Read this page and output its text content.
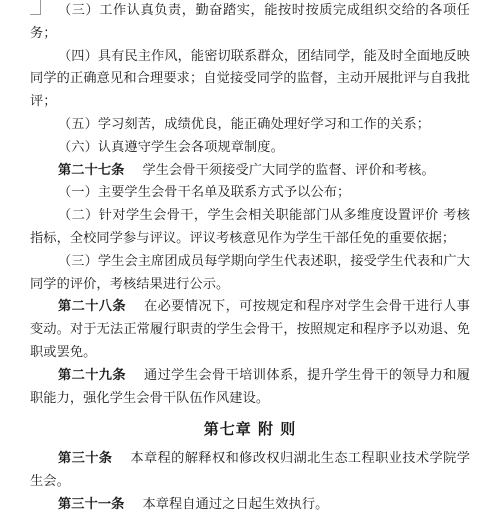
（三）工作认真负责，勤奋踏实，能按时按质完成组织交给的各项任务；

（四）具有民主作风，能密切联系群众，团结同学，能及时全面地反映同学的正确意见和合理要求；自觉接受同学的监督，主动开展批评与自我批评；

（五）学习刻苦，成绩优良，能正确处理好学习和工作的关系；

（六）认真遵守学生会各项规章制度。

第二十七条 学生会骨干须接受广大同学的监督、评价和考核。

（一）主要学生会骨干名单及联系方式予以公布；

（二）针对学生会骨干，学生会相关职能部门从多维度设置评价 考核指标，全校同学参与评议。评议考核意见作为学生干部任免的重要依据；

（三）学生会主席团成员每学期向学生代表述职，接受学生代表和广大同学的评价，考核结果进行公示。

第二十八条 在必要情况下，可按规定和程序对学生会骨干进行人事变动。对于无法正常履行职责的学生会骨干，按照规定和程序予以劝退、免职或罢免。

第二十九条 通过学生会骨干培训体系，提升学生骨干的领导力和履职能力，强化学生会骨干队伍作风建设。

第七章 附 则

第三十条 本章程的解释权和修改权归湖北生态工程职业技术学院学生会。

第三十一条 本章程自通过之日起生效执行。
